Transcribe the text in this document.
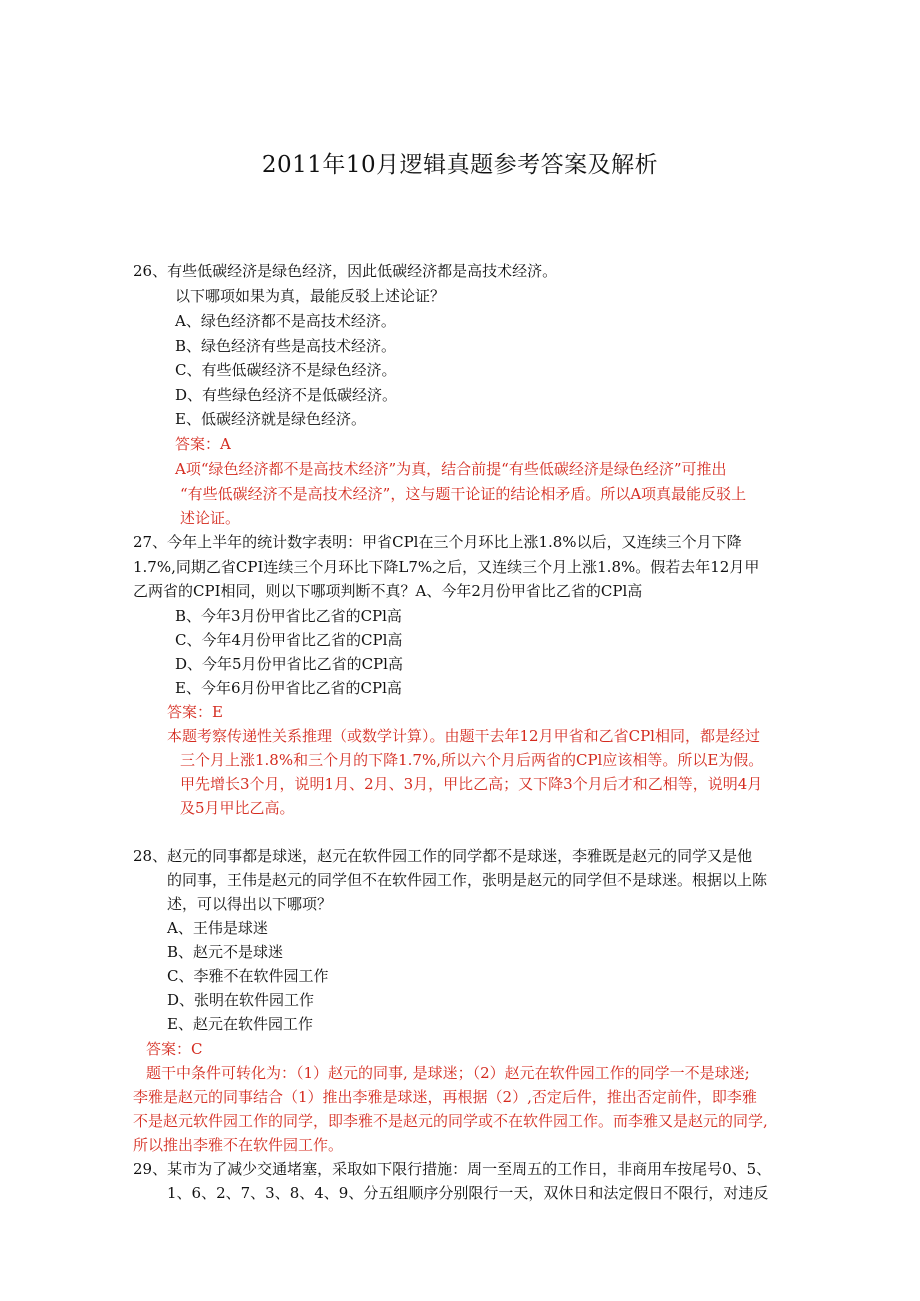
2011年10月逻辑真题参考答案及解析
26、有些低碳经济是绿色经济，因此低碳经济都是高技术经济。
以下哪项如果为真，最能反驳上述论证？
A、绿色经济都不是高技术经济。
B、绿色经济有些是高技术经济。
C、有些低碳经济不是绿色经济。
D、有些绿色经济不是低碳经济。
E、低碳经济就是绿色经济。
答案：A
A项“绿色经济都不是高技术经济”为真，结合前提“有些低碳经济是绿色经济”可推出
“有些低碳经济不是高技术经济”，这与题干论证的结论相矛盾。所以A项真最能反驳上
述论证。
27、今年上半年的统计数字表明：甲省CPl在三个月环比上涨1.8%以后，又连续三个月下降
1.7%,同期乙省CPI连续三个月环比下降L7%之后，又连续三个月上涨1.8%。假若去年12月甲
乙两省的CPI相同，则以下哪项判断不真？A、今年2月份甲省比乙省的CPl高
B、今年3月份甲省比乙省的CPl高
C、今年4月份甲省比乙省的CPl高
D、今年5月份甲省比乙省的CPl高
E、今年6月份甲省比乙省的CPl高
答案：E
本题考察传递性关系推理（或数学计算）。由题干去年12月甲省和乙省CPl相同，都是经过
三个月上涨1.8%和三个月的下降1.7%,所以六个月后两省的CPl应该相等。所以E为假。
甲先增长3个月，说明1月、2月、3月，甲比乙高；又下降3个月后才和乙相等，说明4月
及5月甲比乙高。
28、赵元的同事都是球迷，赵元在软件园工作的同学都不是球迷，李雅既是赵元的同学又是他
的同事，王伟是赵元的同学但不在软件园工作，张明是赵元的同学但不是球迷。根据以上陈
述，可以得出以下哪项？
A、王伟是球迷
B、赵元不是球迷
C、李雅不在软件园工作
D、张明在软件园工作
E、赵元在软件园工作
答案：C
题干中条件可转化为：（1）赵元的同事, 是球迷；（2）赵元在软件园工作的同学一不是球迷;
李雅是赵元的同事结合（1）推出李雅是球迷，再根据（2）,否定后件，推出否定前件，即李雅
不是赵元软件园工作的同学，即李雅不是赵元的同学或不在软件园工作。而李雅又是赵元的同学,
所以推出李雅不在软件园工作。
29、某市为了减少交通堵塞，采取如下限行措施：周一至周五的工作日，非商用车按尾号0、5、
1、6、2、7、3、8、4、9、分五组顺序分别限行一天，双休日和法定假日不限行，对违反
